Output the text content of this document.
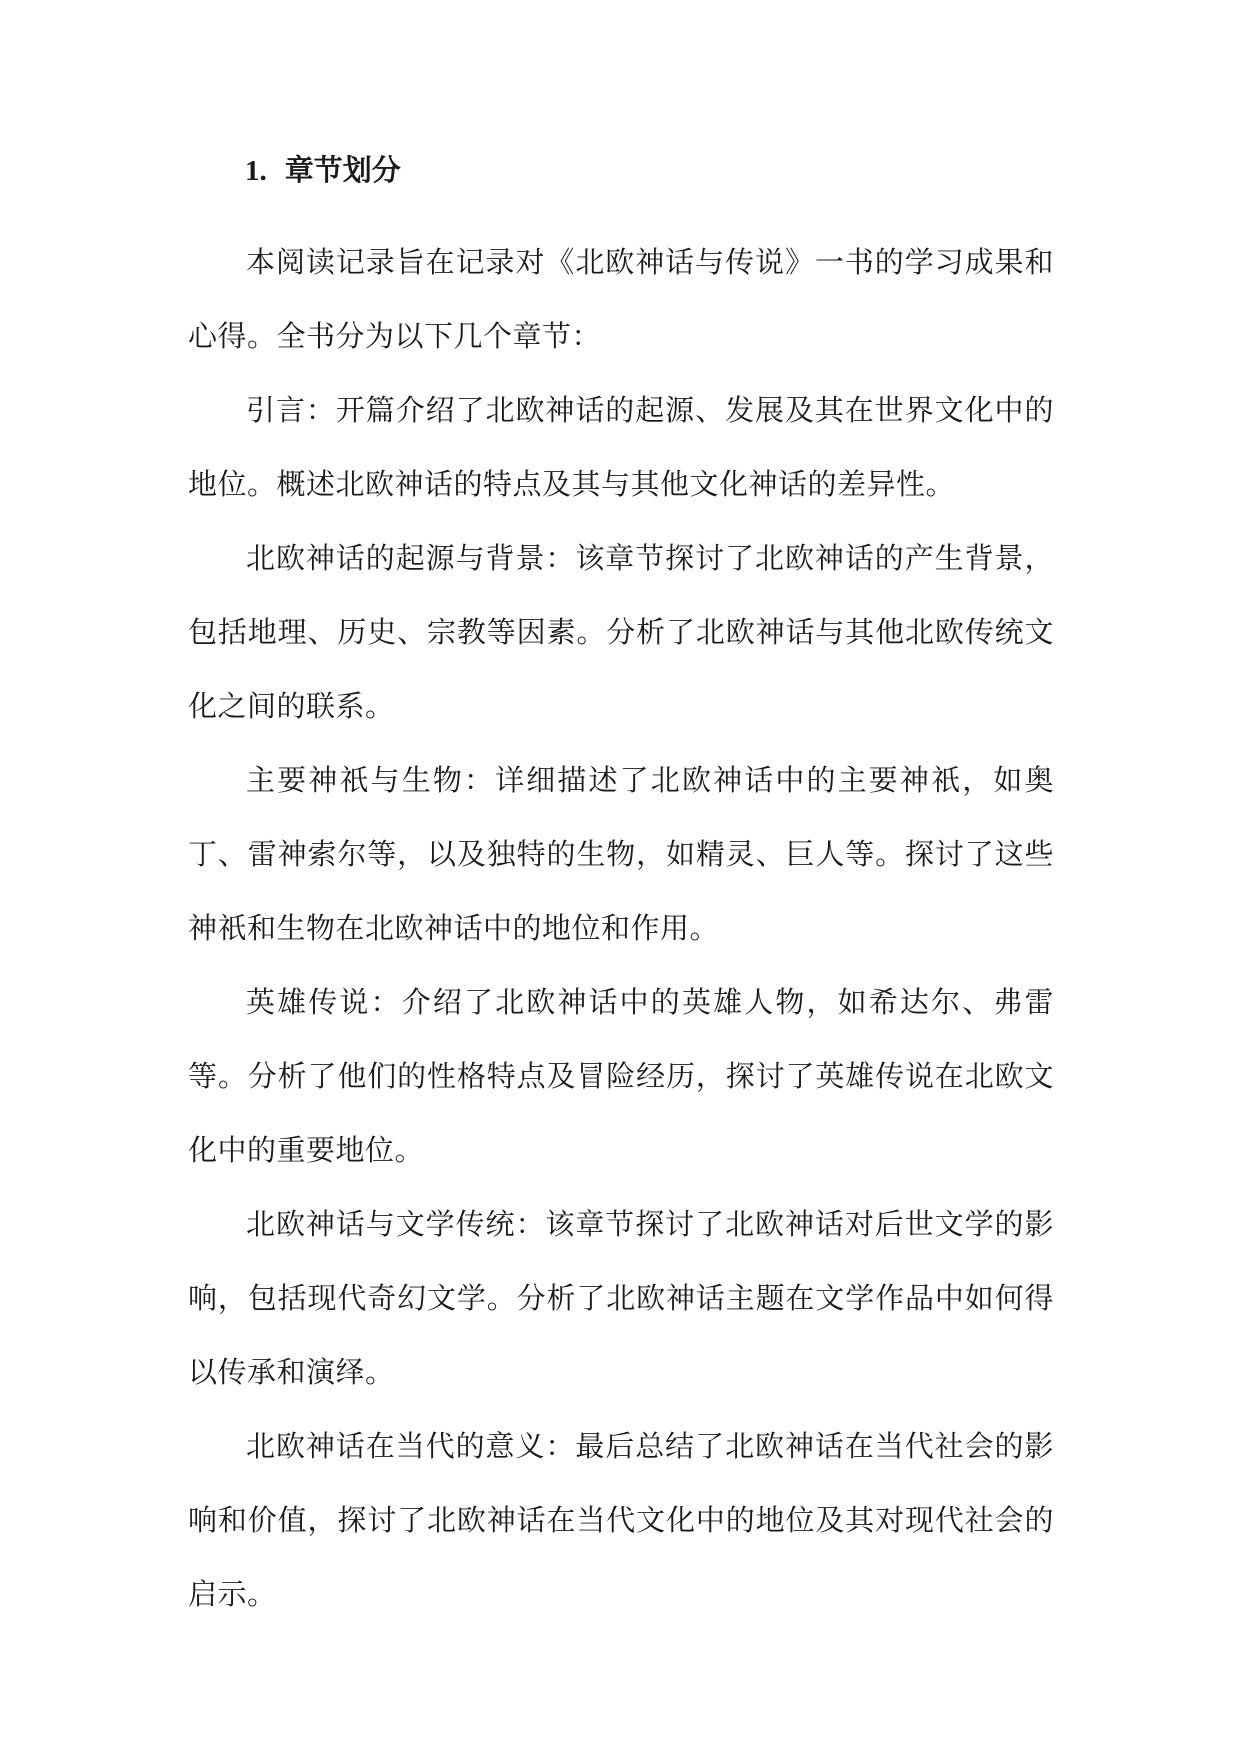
1. 章节划分

本阅读记录旨在记录对《北欧神话与传说》一书的学习成果和心得。全书分为以下几个章节：

引言：开篇介绍了北欧神话的起源、发展及其在世界文化中的地位。概述北欧神话的特点及其与其他文化神话的差异性。

北欧神话的起源与背景：该章节探讨了北欧神话的产生背景，包括地理、历史、宗教等因素。分析了北欧神话与其他北欧传统文化之间的联系。

主要神祇与生物：详细描述了北欧神话中的主要神祇，如奥丁、雷神索尔等，以及独特的生物，如精灵、巨人等。探讨了这些神祇和生物在北欧神话中的地位和作用。

英雄传说：介绍了北欧神话中的英雄人物，如希达尔、弗雷等。分析了他们的性格特点及冒险经历，探讨了英雄传说在北欧文化中的重要地位。

北欧神话与文学传统：该章节探讨了北欧神话对后世文学的影响，包括现代奇幻文学。分析了北欧神话主题在文学作品中如何得以传承和演绎。

北欧神话在当代的意义：最后总结了北欧神话在当代社会的影响和价值，探讨了北欧神话在当代文化中的地位及其对现代社会的启示。
